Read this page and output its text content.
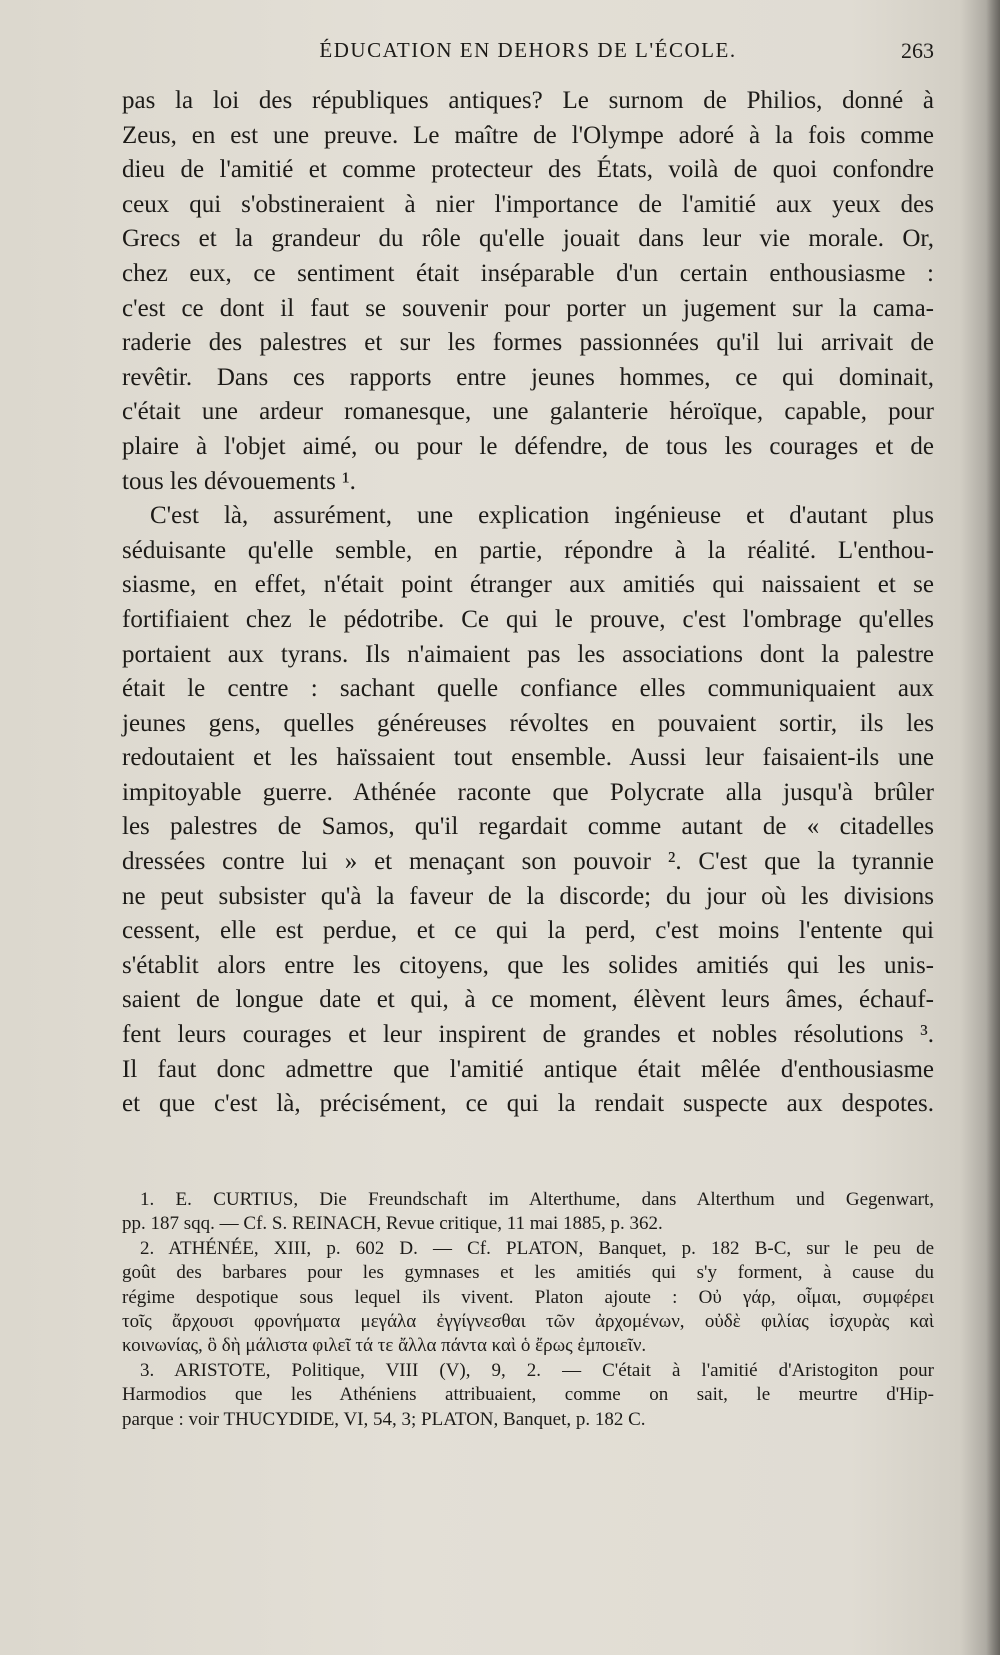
ÉDUCATION EN DEHORS DE L'ÉCOLE.	263
pas la loi des républiques antiques? Le surnom de Philios, donné à
Zeus, en est une preuve. Le maître de l'Olympe adoré à la fois comme
dieu de l'amitié et comme protecteur des États, voilà de quoi confondre
ceux qui s'obstineraient à nier l'importance de l'amitié aux yeux des
Grecs et la grandeur du rôle qu'elle jouait dans leur vie morale. Or,
chez eux, ce sentiment était inséparable d'un certain enthousiasme :
c'est ce dont il faut se souvenir pour porter un jugement sur la cama-
raderie des palestres et sur les formes passionnées qu'il lui arrivait de
revêtir. Dans ces rapports entre jeunes hommes, ce qui dominait,
c'était une ardeur romanesque, une galanterie héroïque, capable, pour
plaire à l'objet aimé, ou pour le défendre, de tous les courages et de
tous les dévouements ¹.
C'est là, assurément, une explication ingénieuse et d'autant plus
séduisante qu'elle semble, en partie, répondre à la réalité. L'enthou-
siasme, en effet, n'était point étranger aux amitiés qui naissaient et se
fortifiaient chez le pédotribe. Ce qui le prouve, c'est l'ombrage qu'elles
portaient aux tyrans. Ils n'aimaient pas les associations dont la palestre
était le centre : sachant quelle confiance elles communiquaient aux
jeunes gens, quelles généreuses révoltes en pouvaient sortir, ils les
redoutaient et les haïssaient tout ensemble. Aussi leur faisaient-ils une
impitoyable guerre. Athénée raconte que Polycrate alla jusqu'à brûler
les palestres de Samos, qu'il regardait comme autant de « citadelles
dressées contre lui » et menaçant son pouvoir ². C'est que la tyrannie
ne peut subsister qu'à la faveur de la discorde; du jour où les divisions
cessent, elle est perdue, et ce qui la perd, c'est moins l'entente qui
s'établit alors entre les citoyens, que les solides amitiés qui les unis-
saient de longue date et qui, à ce moment, élèvent leurs âmes, échauf-
fent leurs courages et leur inspirent de grandes et nobles résolutions ³.
Il faut donc admettre que l'amitié antique était mêlée d'enthousiasme
et que c'est là, précisément, ce qui la rendait suspecte aux despotes.
1. E. CURTIUS, Die Freundschaft im Alterthume, dans Alterthum und Gegenwart,
pp. 187 sqq. — Cf. S. REINACH, Revue critique, 11 mai 1885, p. 362.
2. ATHÉNÉE, XIII, p. 602 D. — Cf. PLATON, Banquet, p. 182 B-C, sur le peu de
goût des barbares pour les gymnases et les amitiés qui s'y forment, à cause du
régime despotique sous lequel ils vivent. Platon ajoute : Οὐ γάρ, οἶμαι, συμφέρει
τοῖς ἄρχουσι φρονήματα μεγάλα ἐγγίγνεσθαι τῶν ἀρχομένων, οὐδὲ φιλίας ἰσχυρὰς καὶ
κοινωνίας, ὃ δὴ μάλιστα φιλεῖ τά τε ἄλλα πάντα καὶ ὁ ἔρως ἐμποιεῖν.
3. ARISTOTE, Politique, VIII (V), 9, 2. — C'était à l'amitié d'Aristogiton pour
Harmodios que les Athéniens attribuaient, comme on sait, le meurtre d'Hip-
parque : voir THUCYDIDE, VI, 54, 3; PLATON, Banquet, p. 182 C.
